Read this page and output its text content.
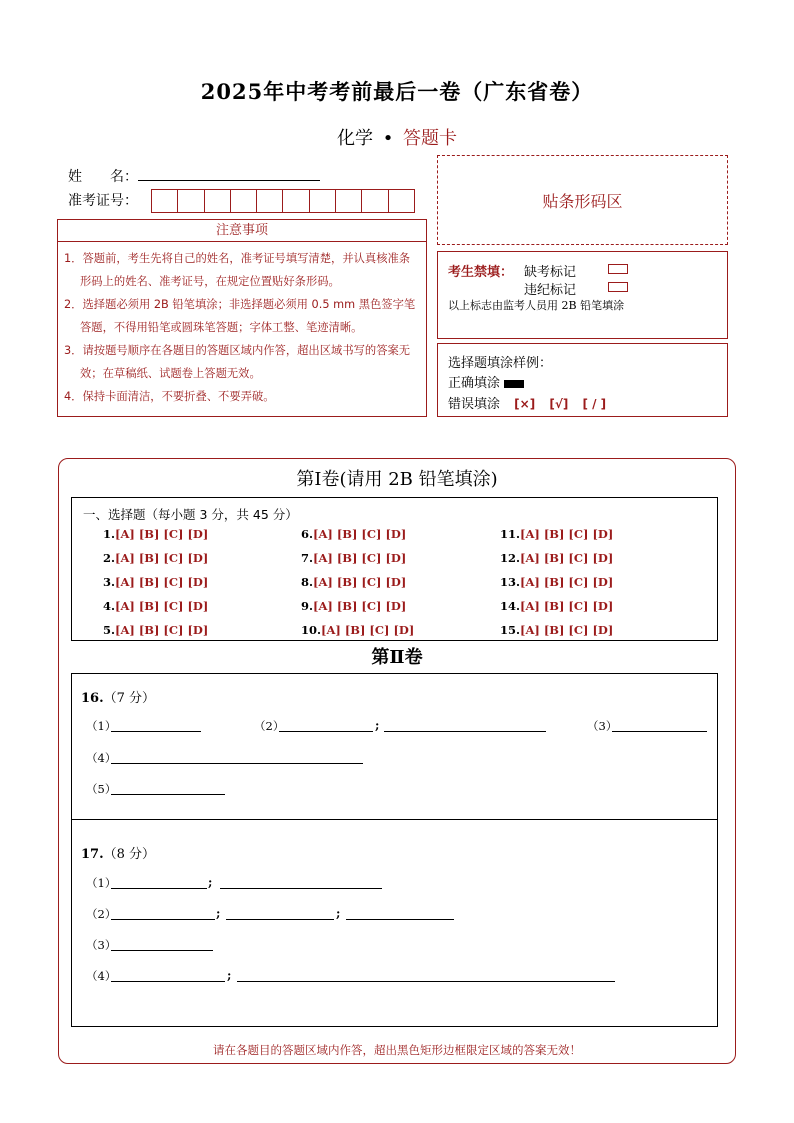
2025年中考考前最后一卷（广东省卷）
化学 • 答题卡
姓　　名：
准考证号：	贴条形码区
注意事项
1．答题前，考生先将自己的姓名，准考证号填写清楚，并认真核准条形码上的姓名、准考证号，在规定位置贴好条形码。
2．选择题必须用 2B 铅笔填涂；非选择题必须用 0.5 mm 黑色签字笔答题，不得用铅笔或圆珠笔答题；字体工整、笔迹清晰。
3．请按题号顺序在各题目的答题区域内作答，超出区域书写的答案无效；在草稿纸、试题卷上答题无效。
4．保持卡面清洁，不要折叠、不要弄破。
考生禁填： 缺考标记
违纪标记
以上标志由监考人员用 2B 铅笔填涂
选择题填涂样例：
正确填涂
错误填涂 [×] [√] [ / ]
第Ⅰ卷(请用 2B 铅笔填涂)
一、选择题（每小题 3 分，共 45 分）
1.[A] [B] [C] [D]
2.[A] [B] [C] [D]
3.[A] [B] [C] [D]
4.[A] [B] [C] [D]
5.[A] [B] [C] [D]
6.[A] [B] [C] [D]
7.[A] [B] [C] [D]
8.[A] [B] [C] [D]
9.[A] [B] [C] [D]
10.[A] [B] [C] [D]
11.[A] [B] [C] [D]
12.[A] [B] [C] [D]
13.[A] [B] [C] [D]
14.[A] [B] [C] [D]
15.[A] [B] [C] [D]
第Ⅱ卷
16.（7 分）
（1）	（2）	;	（3）
（4）
（5）
17.（8 分）
（1）	;
（2）	;	;
（3）
（4）	;
请在各题目的答题区域内作答，超出黑色矩形边框限定区域的答案无效！
